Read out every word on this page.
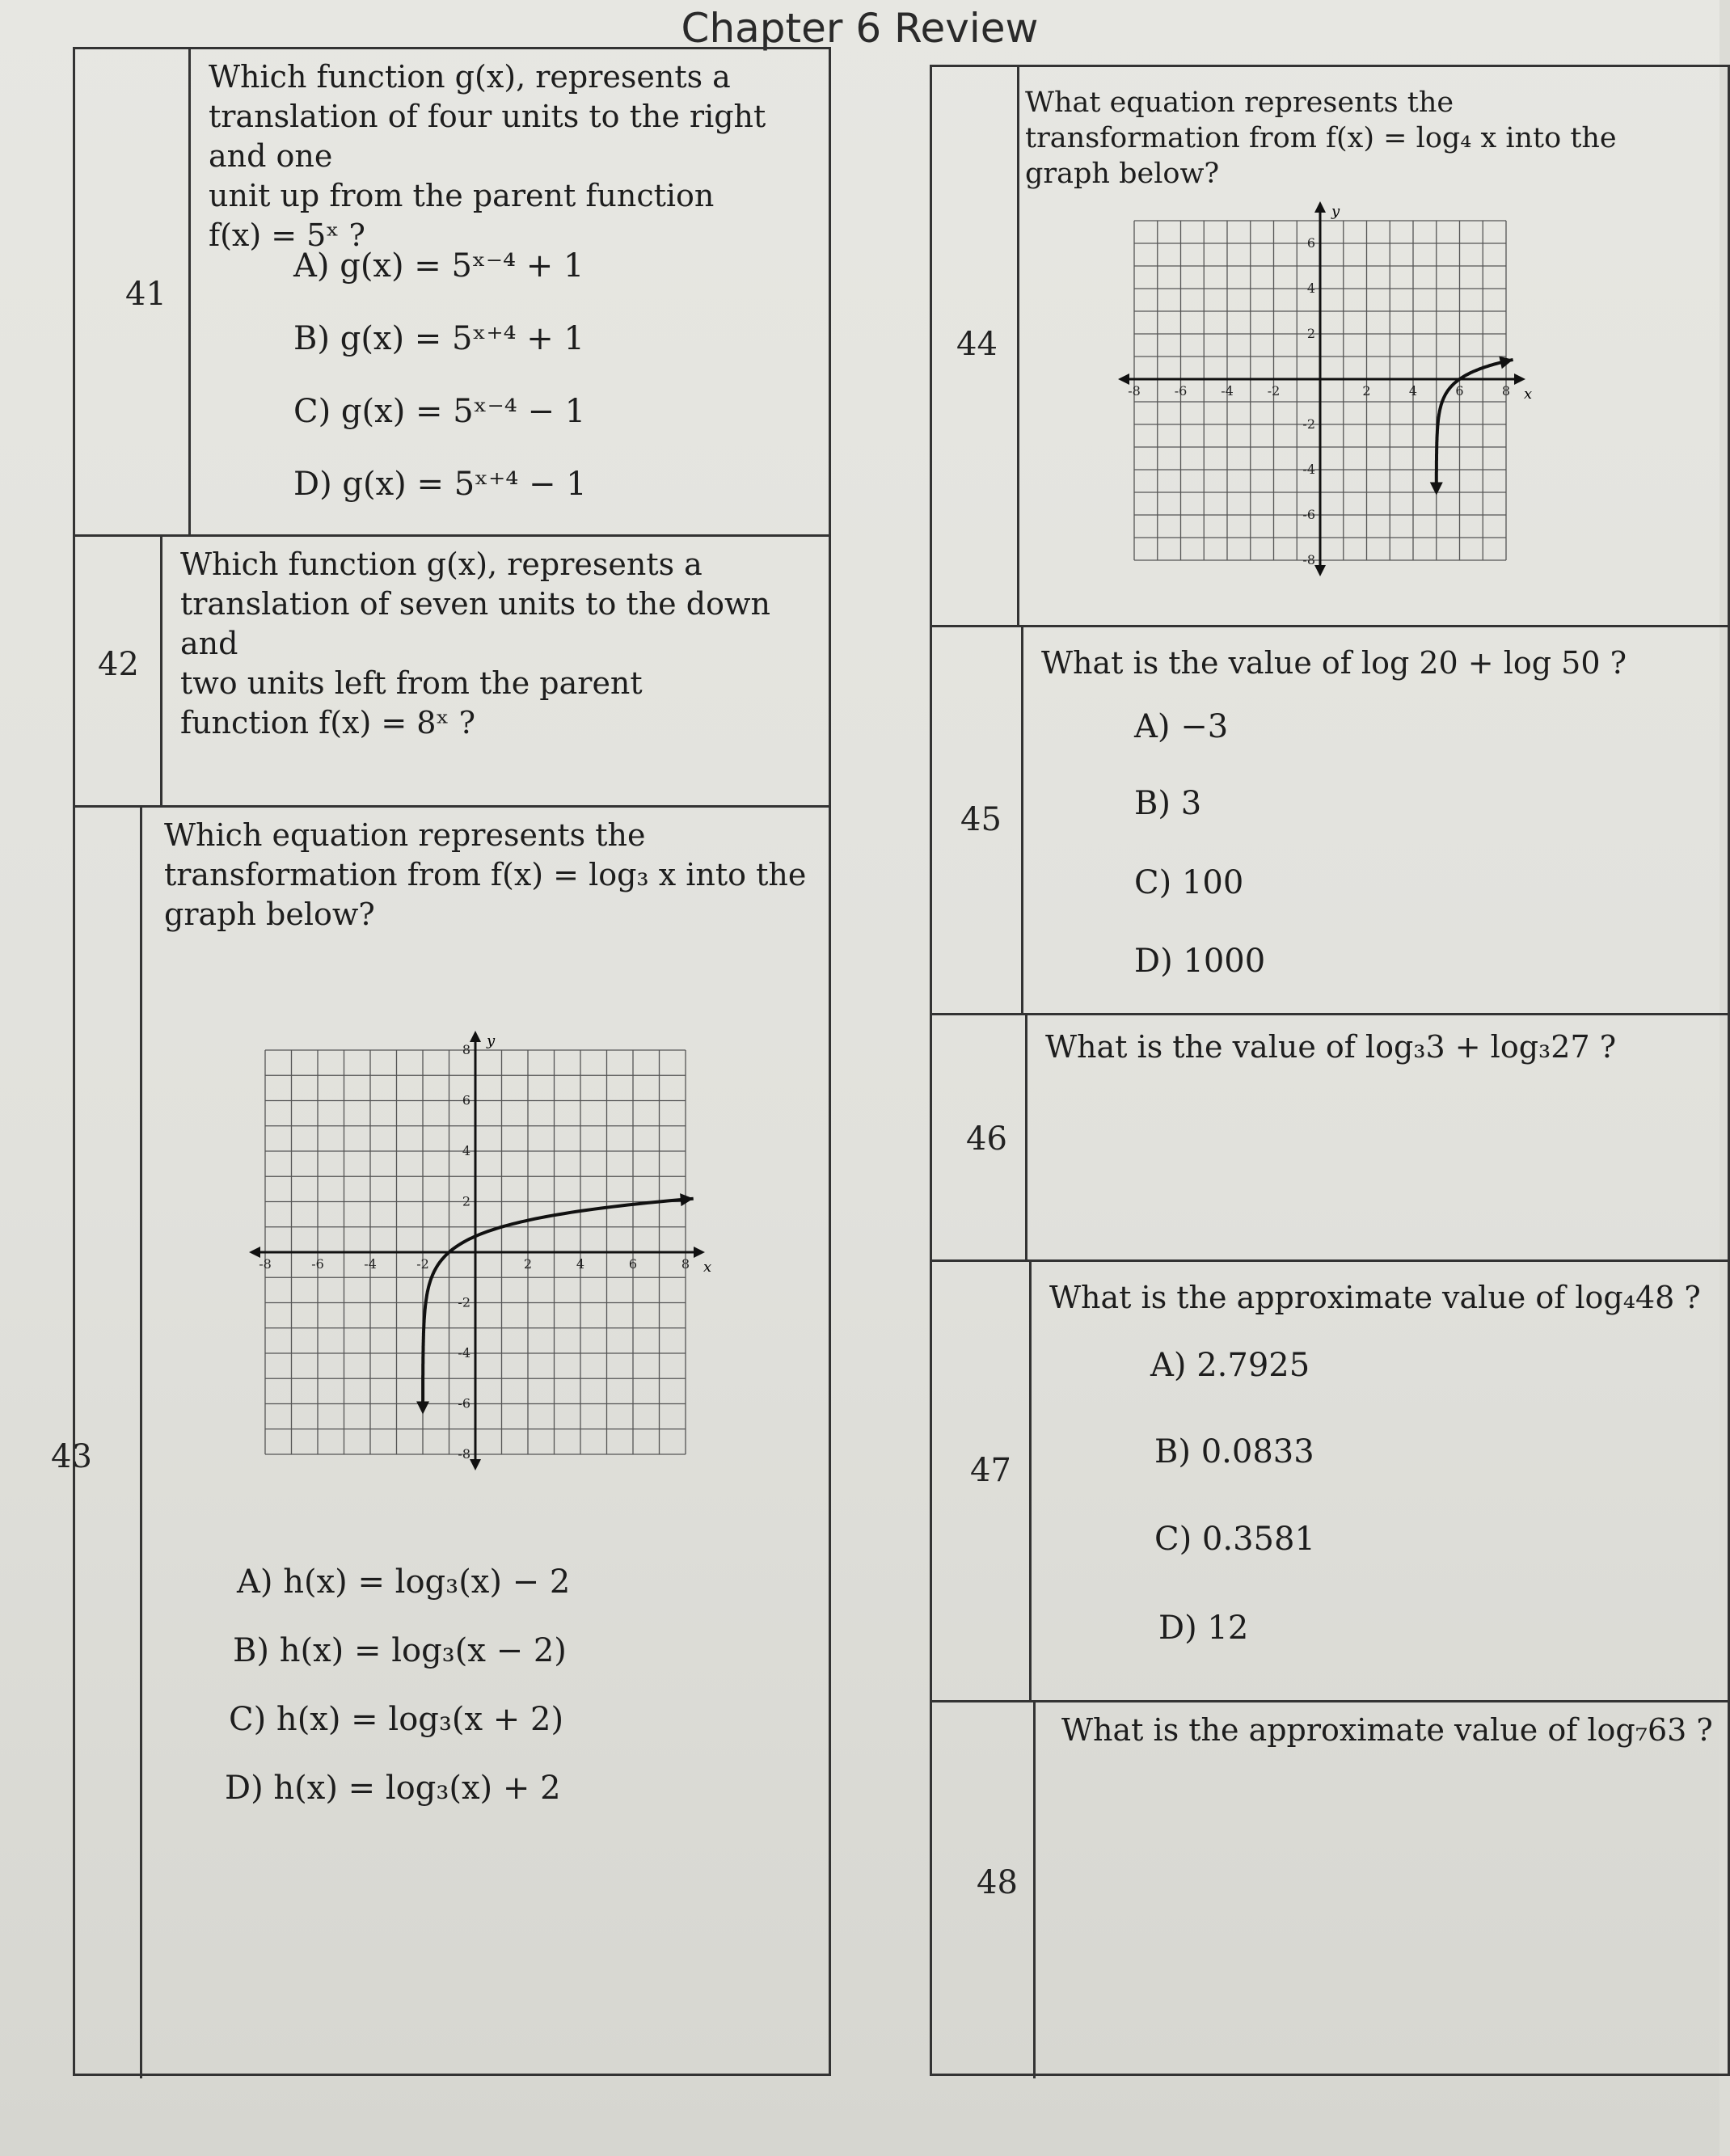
Chapter 6 Review
41
Which function g(x), represents a
translation of four units to the right and one
unit up from the parent function
f(x) = 5ˣ ?
A) g(x) = 5ˣ⁻⁴ + 1
B) g(x) = 5ˣ⁺⁴ + 1
C) g(x) = 5ˣ⁻⁴ − 1
D) g(x) = 5ˣ⁺⁴ − 1
42
Which function g(x), represents a
translation of seven units to the down and
two units left from the parent
function f(x) = 8ˣ ?
43
Which equation represents the
transformation from f(x) = log₃ x into the
graph below?
-8	-6	-4	-2	2	4	6	8
8
6
4
2
-2
-4
-6
-8
x
y
A) h(x) = log₃(x) − 2
B) h(x) = log₃(x − 2)
C) h(x) = log₃(x + 2)
D) h(x) = log₃(x) + 2
44
What equation represents the
transformation from f(x) = log₄ x into the
graph below?
-8	-6	-4	-2	2	4	6	8
6
4
2
-2
-4
-6
-8
x
y
45
What is the value of log 20 + log 50 ?
A) −3
B) 3
C) 100
D) 1000
46
What is the value of log₃3 + log₃27 ?
47
What is the approximate value of log₄48 ?
A) 2.7925
B) 0.0833
C) 0.3581
D) 12
48
What is the approximate value of log₇63 ?
